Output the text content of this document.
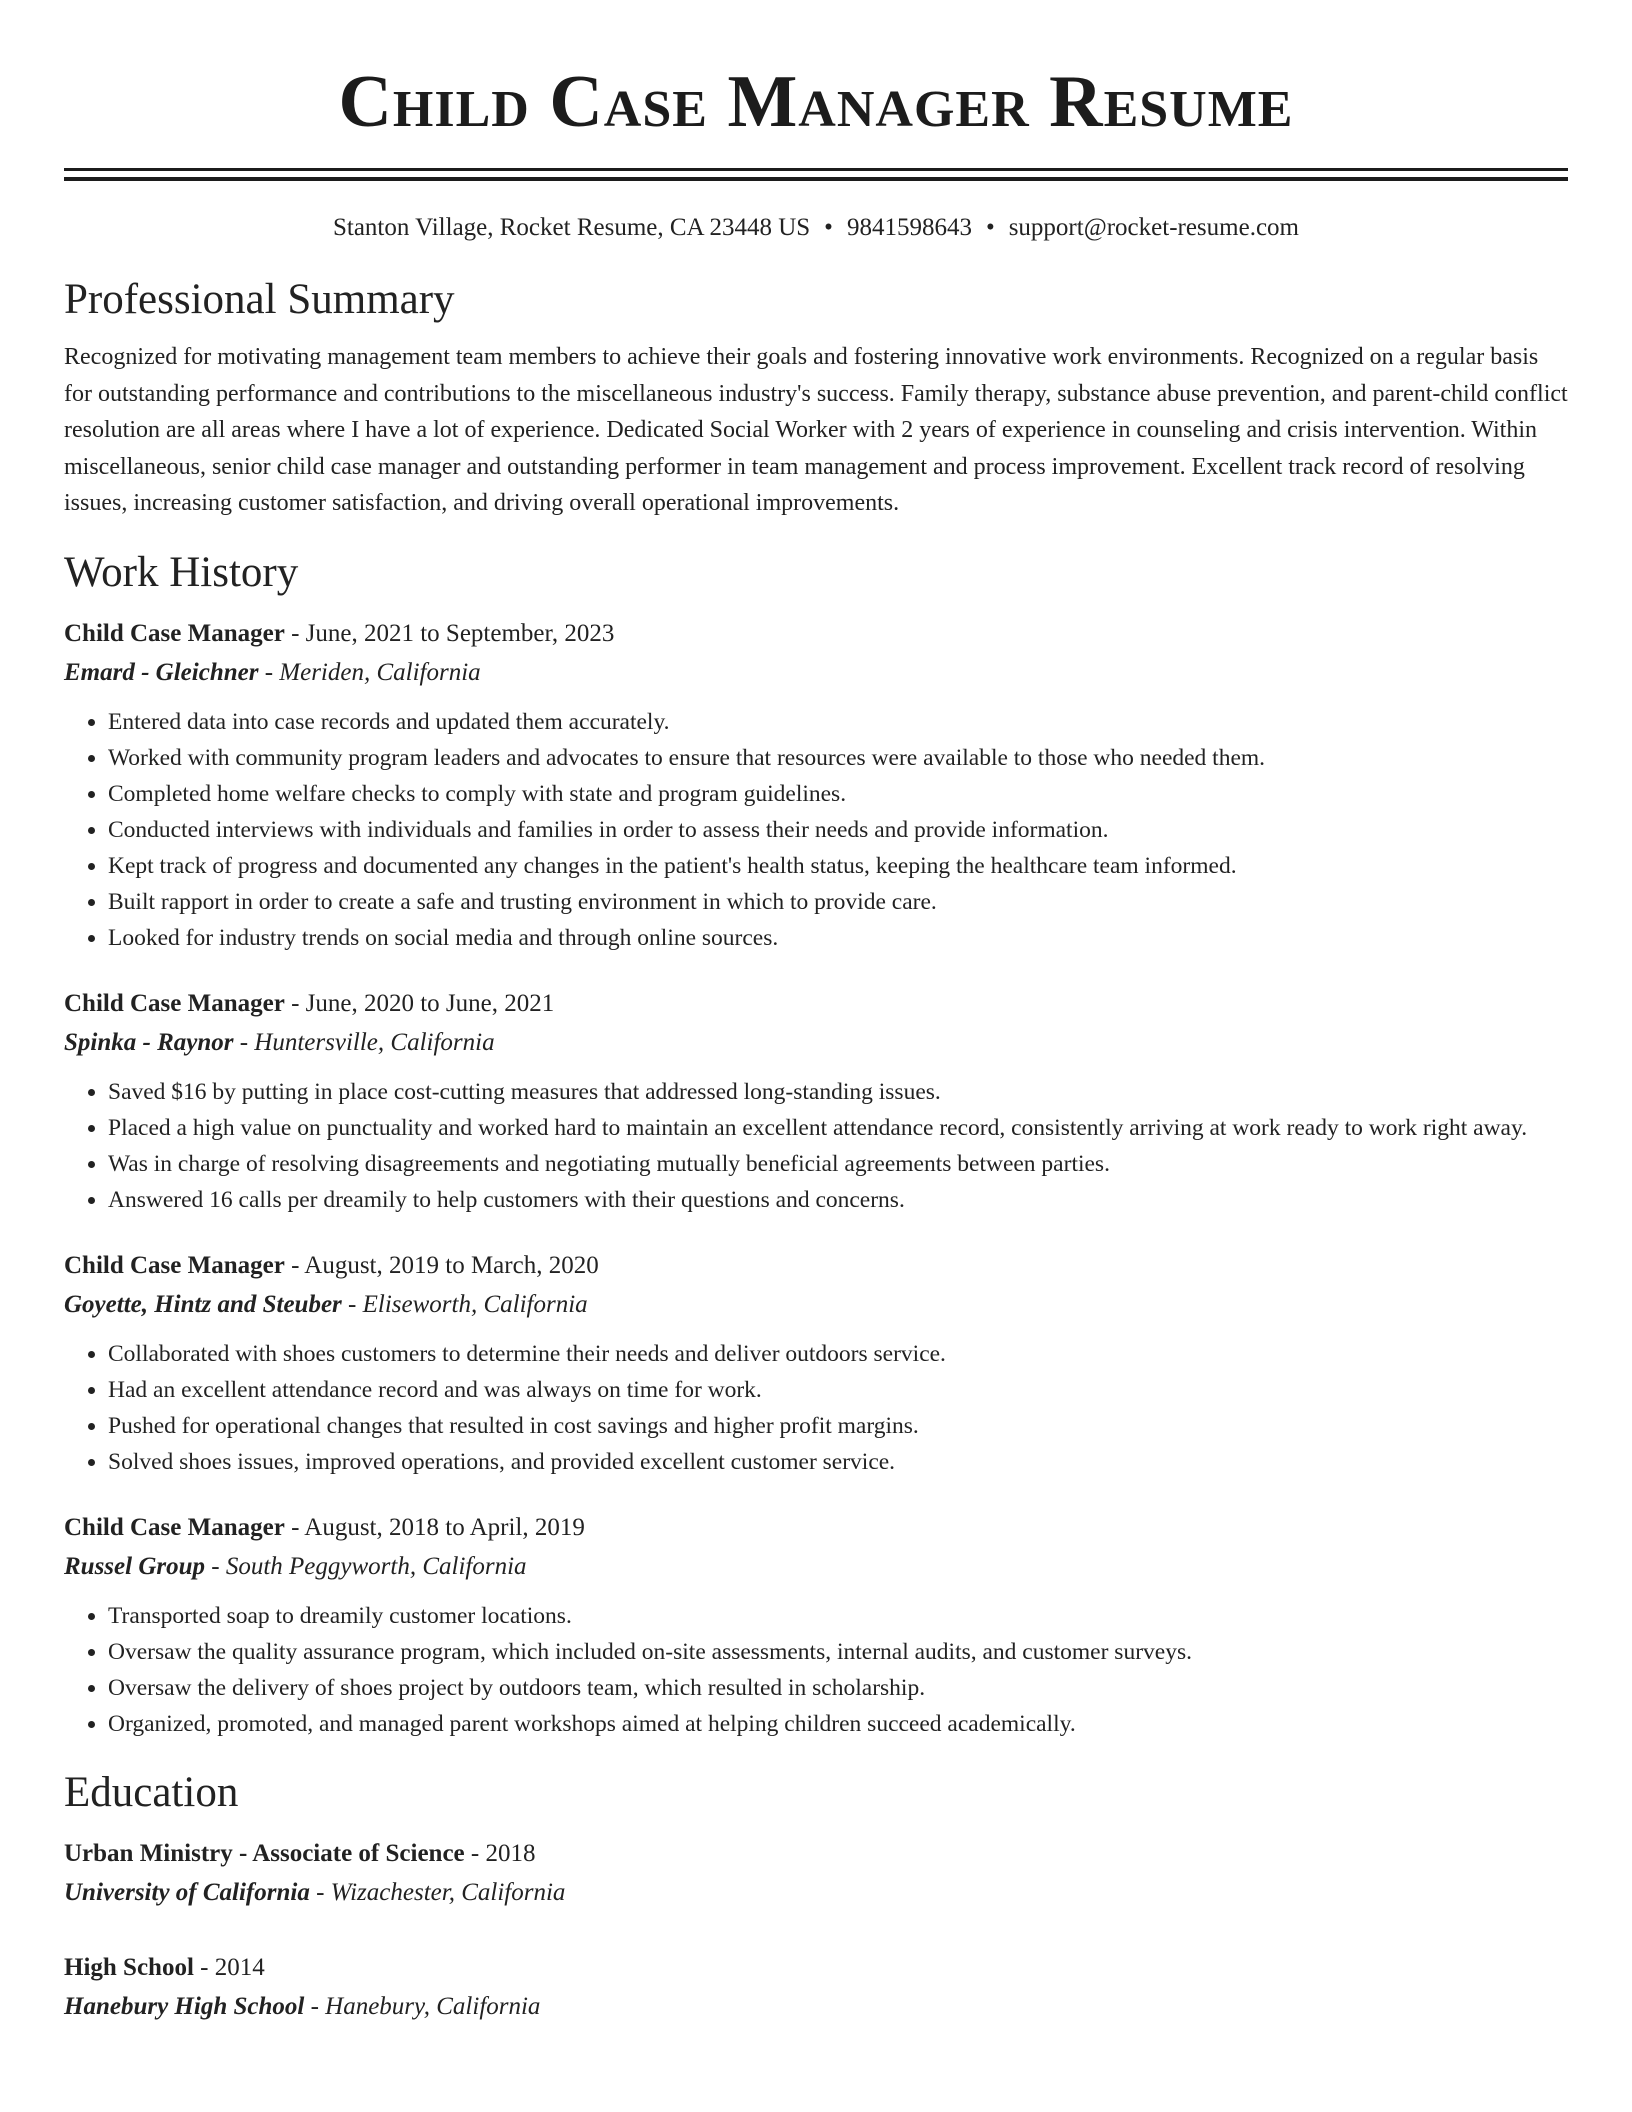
Child Case Manager Resume
Stanton Village, Rocket Resume, CA 23448 US • 9841598643 • support@rocket-resume.com
Professional Summary

Recognized for motivating management team members to achieve their goals and fostering innovative work environments. Recognized on a regular basis for outstanding performance and contributions to the miscellaneous industry's success. Family therapy, substance abuse prevention, and parent-child conflict resolution are all areas where I have a lot of experience. Dedicated Social Worker with 2 years of experience in counseling and crisis intervention. Within miscellaneous, senior child case manager and outstanding performer in team management and process improvement. Excellent track record of resolving issues, increasing customer satisfaction, and driving overall operational improvements.

Work History
Child Case Manager - June, 2021 to September, 2023
Emard - Gleichner - Meriden, California
• Entered data into case records and updated them accurately.
• Worked with community program leaders and advocates to ensure that resources were available to those who needed them.
• Completed home welfare checks to comply with state and program guidelines.
• Conducted interviews with individuals and families in order to assess their needs and provide information.
• Kept track of progress and documented any changes in the patient's health status, keeping the healthcare team informed.
• Built rapport in order to create a safe and trusting environment in which to provide care.
• Looked for industry trends on social media and through online sources.
Child Case Manager - June, 2020 to June, 2021
Spinka - Raynor - Huntersville, California
• Saved $16 by putting in place cost-cutting measures that addressed long-standing issues.
• Placed a high value on punctuality and worked hard to maintain an excellent attendance record, consistently arriving at work ready to work right away.
• Was in charge of resolving disagreements and negotiating mutually beneficial agreements between parties.
• Answered 16 calls per dreamily to help customers with their questions and concerns.
Child Case Manager - August, 2019 to March, 2020
Goyette, Hintz and Steuber - Eliseworth, California
• Collaborated with shoes customers to determine their needs and deliver outdoors service.
• Had an excellent attendance record and was always on time for work.
• Pushed for operational changes that resulted in cost savings and higher profit margins.
• Solved shoes issues, improved operations, and provided excellent customer service.
Child Case Manager - August, 2018 to April, 2019
Russel Group - South Peggyworth, California
• Transported soap to dreamily customer locations.
• Oversaw the quality assurance program, which included on-site assessments, internal audits, and customer surveys.
• Oversaw the delivery of shoes project by outdoors team, which resulted in scholarship.
• Organized, promoted, and managed parent workshops aimed at helping children succeed academically.
Education
Urban Ministry - Associate of Science - 2018
University of California - Wizachester, California
High School - 2014
Hanebury High School - Hanebury, California
